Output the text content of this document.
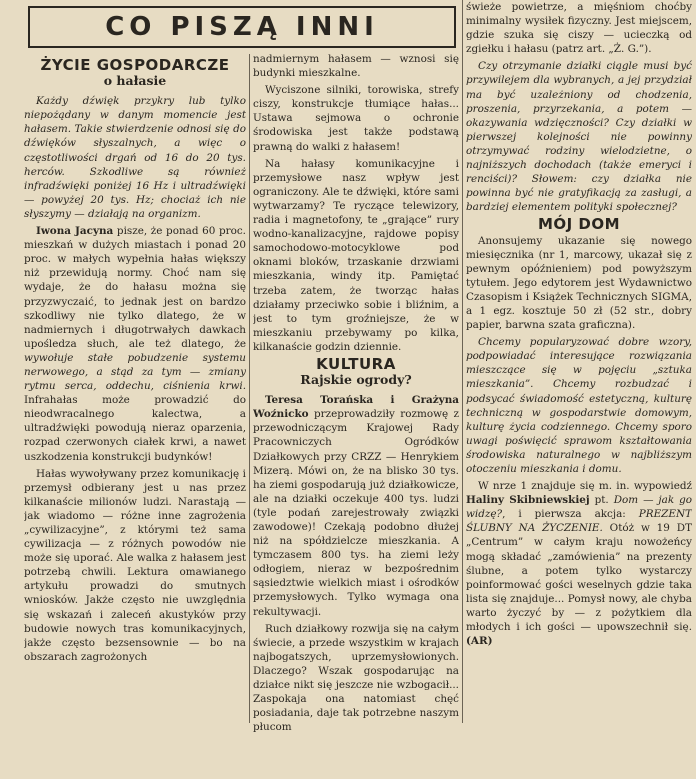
CO PISZĄ INNI
ŻYCIE GOSPODARCZE
o hałasie

Każdy dźwięk przykry lub tylko niepożądany w danym momencie jest hałasem. Takie stwierdzenie odnosi się do dźwięków słyszalnych, a więc o częstotliwości drgań od 16 do 20 tys. herców. Szkodliwe są również infradźwięki poniżej 16 Hz i ultradźwięki — powyżej 20 tys. Hz; chociaż ich nie słyszymy — działają na organizm.

Iwona Jacyna pisze, że ponad 60 proc. mieszkań w dużych miastach i ponad 20 proc. w małych wypełnia hałas większy niż przewidują normy. Choć nam się wydaje, że do hałasu można się przyzwyczaić, to jednak jest on bardzo szkodliwy nie tylko dlatego, że w nadmiernych i długotrwałych dawkach upośledza słuch, ale też dlatego, że wywołuje stałe pobudzenie systemu nerwowego, a stąd za tym — zmiany rytmu serca, oddechu, ciśnienia krwi. Infrahałas może prowadzić do nieodwracalnego kalectwa, a ultradźwięki powodują nieraz oparzenia, rozpad czerwonych ciałek krwi, a nawet uszkodzenia konstrukcji budynków!

Hałas wywoływany przez komunikację i przemysł odbierany jest u nas przez kilkanaście milionów ludzi. Narastają — jak wiadomo — różne inne zagrożenia „cywilizacyjne”, z którymi też sama cywilizacja — z różnych powodów nie może się uporać. Ale walka z hałasem jest potrzebą chwili. Lektura omawianego artykułu prowadzi do smutnych wniosków. Jakże często nie uwzględnia się wskazań i zaleceń akustyków przy budowie nowych tras komunikacyjnych, jakże często bezsensownie — bo na obszarach zagrożonych

nadmiernym hałasem — wznosi się budynki mieszkalne.

Wyciszone silniki, torowiska, strefy ciszy, konstrukcje tłumiące hałas... Ustawa sejmowa o ochronie środowiska jest także podstawą prawną do walki z hałasem!

Na hałasy komunikacyjne i przemysłowe nasz wpływ jest ograniczony. Ale te dźwięki, które sami wytwarzamy? Te ryczące telewizory, radia i magnetofony, te „grające” rury wodno-kanalizacyjne, rajdowe popisy samochodowo-motocyklowe pod oknami bloków, trzaskanie drzwiami mieszkania, windy itp. Pamiętać trzeba zatem, że tworząc hałas działamy przeciwko sobie i bliźnim, a jest to tym groźniejsze, że w mieszkaniu przebywamy po kilka, kilkanaście godzin dziennie.

KULTURA
Rajskie ogrody?

Teresa Torańska i Grażyna Woźnicko przeprowadziły rozmowę z przewodniczącym Krajowej Rady Pracowniczych Ogródków Działkowych przy CRZZ — Henrykiem Mizerą. Mówi on, że na blisko 30 tys. ha ziemi gospodarują już działkowicze, ale na działki oczekuje 400 tys. ludzi (tyle podań zarejestrowały związki zawodowe)! Czekają podobno dłużej niż na spółdzielcze mieszkania. A tymczasem 800 tys. ha ziemi leży odłogiem, nieraz w bezpośrednim sąsiedztwie wielkich miast i ośrodków przemysłowych. Tylko wymaga ona rekultywacji.

Ruch działkowy rozwija się na całym świecie, a przede wszystkim w krajach najbogatszych, uprzemysłowionych. Dlaczego? Wszak gospodarując na działce nikt się jeszcze nie wzbogacił... Zaspokaja ona natomiast chęć posiadania, daje tak potrzebne naszym płucom

świeże powietrze, a mięśniom choćby minimalny wysiłek fizyczny. Jest miejscem, gdzie szuka się ciszy — ucieczką od zgiełku i hałasu (patrz art. „Ż. G.”).

Czy otrzymanie działki ciągle musi być przywilejem dla wybranych, a jej przydział ma być uzależniony od chodzenia, proszenia, przyrzekania, a potem — okazywania wdzięczności? Czy działki w pierwszej kolejności nie powinny otrzymywać rodziny wielodzietne, o najniższych dochodach (także emeryci i renciści)? Słowem: czy działka nie powinna być nie gratyfikacją za zasługi, a bardziej elementem polityki społecznej?

MÓJ DOM

Anonsujemy ukazanie się nowego miesięcznika (nr 1, marcowy, ukazał się z pewnym opóźnieniem) pod powyższym tytułem. Jego edytorem jest Wydawnictwo Czasopism i Książek Technicznych SIGMA, a 1 egz. kosztuje 50 zł (52 str., dobry papier, barwna szata graficzna).

Chcemy popularyzować dobre wzory, podpowiadać interesujące rozwiązania mieszczące się w pojęciu „sztuka mieszkania”. Chcemy rozbudzać i podsycać świadomość estetyczną, kulturę techniczną w gospodarstwie domowym, kulturę życia codziennego. Chcemy sporo uwagi poświęcić sprawom kształtowania środowiska naturalnego w najbliższym otoczeniu mieszkania i domu.

W nrze 1 znajduje się m. in. wypowiedź Haliny Skibniewskiej pt. Dom — jak go widzę?, i pierwsza akcja: PREZENT ŚLUBNY NA ŻYCZENIE. Otóż w 19 DT „Centrum” w całym kraju nowożeńcy mogą składać „zamówienia” na prezenty ślubne, a potem tylko wystarczy poinformować gości weselnych gdzie taka lista się znajduje... Pomysł nowy, ale chyba warto życzyć by — z pożytkiem dla młodych i ich gości — upowszechnił się. (AR)
